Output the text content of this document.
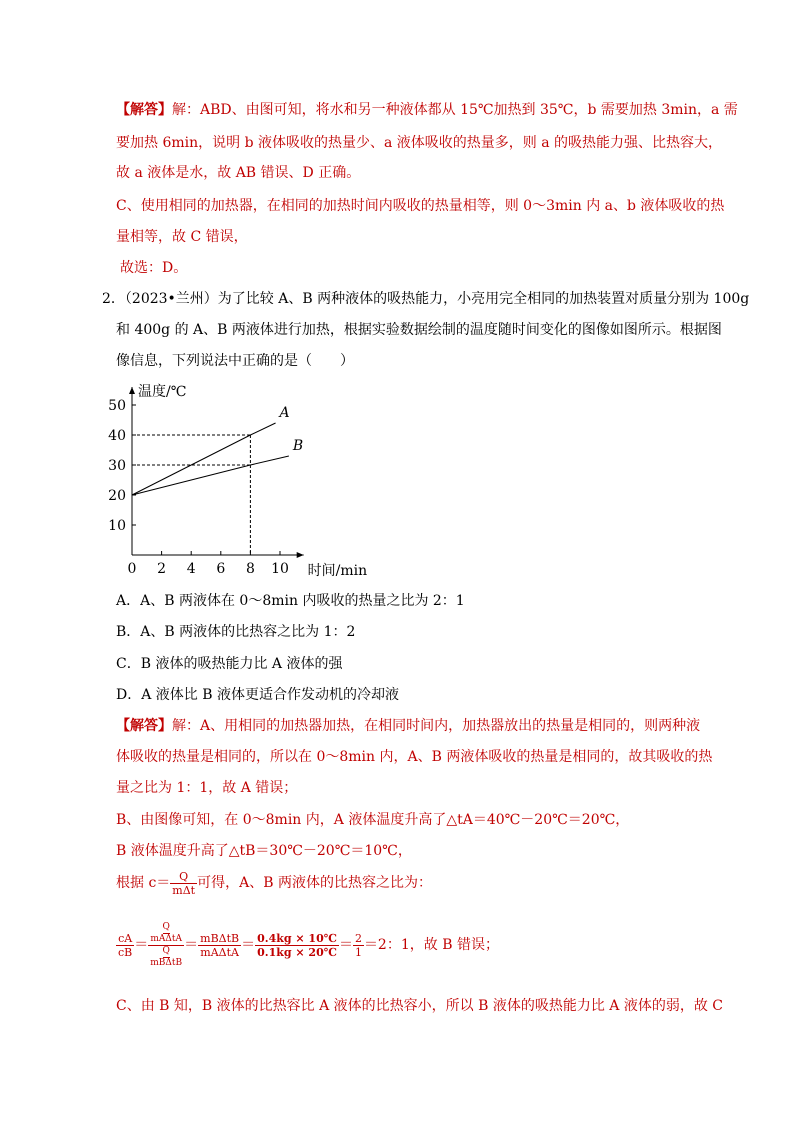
【解答】解：ABD、由图可知，将水和另一种液体都从 15℃加热到 35℃，b 需要加热 3min，a 需
要加热 6min，说明 b 液体吸收的热量少、a 液体吸收的热量多，则 a 的吸热能力强、比热容大，
故 a 液体是水，故 AB 错误、D 正确。
C、使用相同的加热器，在相同的加热时间内吸收的热量相等，则 0～3min 内 a、b 液体吸收的热
量相等，故 C 错误，
故选：D。
2．（2023•兰州）为了比较 A、B 两种液体的吸热能力，小亮用完全相同的加热装置对质量分别为 100g
和 400g 的 A、B 两液体进行加热，根据实验数据绘制的温度随时间变化的图像如图所示。根据图
像信息，下列说法中正确的是（　　）
0 2 4 6 8 10
10
20
30
40
50
温度/℃
时间/min
A
B
A．A、B 两液体在 0～8min 内吸收的热量之比为 2：1
B．A、B 两液体的比热容之比为 1：2
C．B 液体的吸热能力比 A 液体的强
D．A 液体比 B 液体更适合作发动机的冷却液
【解答】解：A、用相同的加热器加热，在相同时间内，加热器放出的热量是相同的，则两种液
体吸收的热量是相同的，所以在 0～8min 内，A、B 两液体吸收的热量是相同的，故其吸收的热
量之比为 1：1，故 A 错误；
B、由图像可知，在 0～8min 内，A 液体温度升高了△tA＝40℃－20℃＝20℃，
B 液体温度升高了△tB＝30℃－20℃＝10℃，
根据 $c= \frac{Q}{\text{mΔt}}$ 可得，A、B 两液体的比热容之比为：
$\frac{cA}{cB}$ ＝
Q
mAΔtA
Q
mBΔtB
＝ $\frac{\text{mBΔtB}}{\text{mAΔtA}} = \frac{0.4kg \times 10℃}{0.1kg \times 20℃} = \frac{2}{1} =2$：1，故 B 错误；
C、由 B 知，B 液体的比热容比 A 液体的比热容小，所以 B 液体的吸热能力比 A 液体的弱，故 C
